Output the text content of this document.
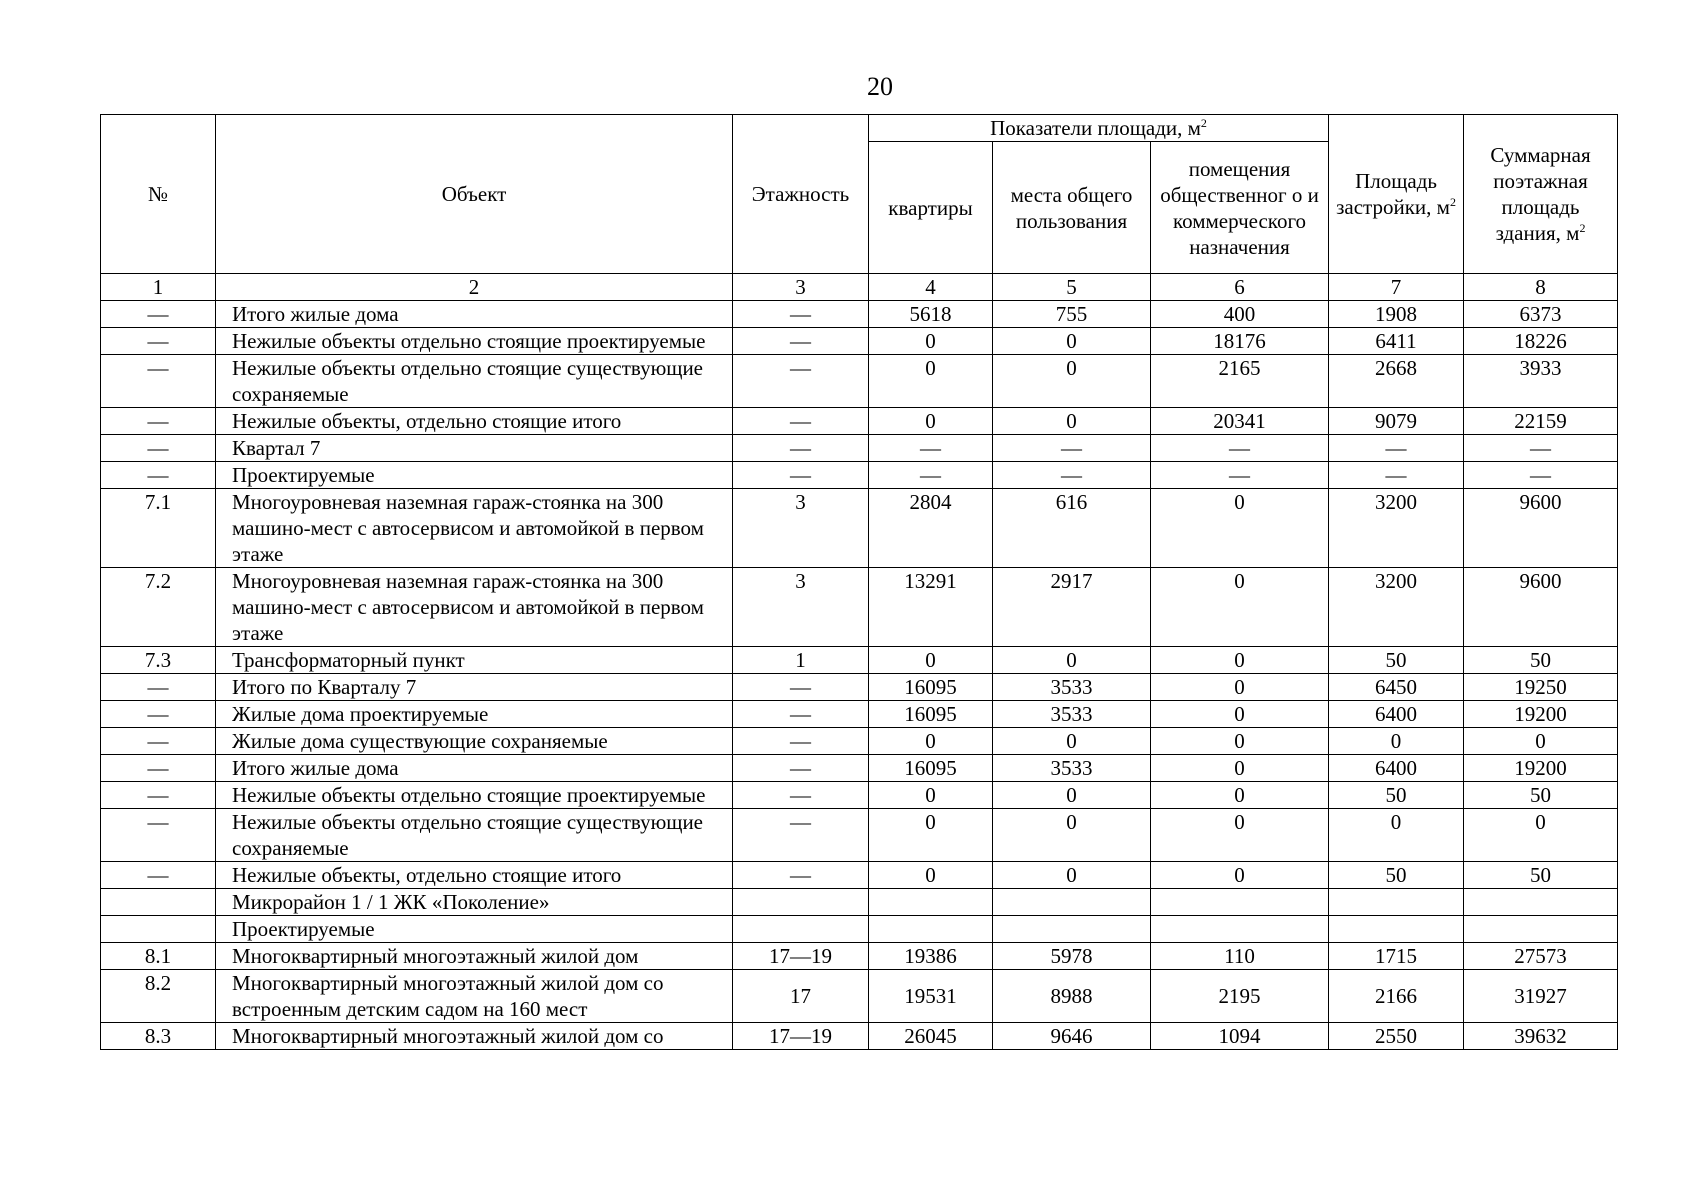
20
№	Объект	Этажность	Показатели площади, $м^2$			Площадь застройки, $м^2$	Суммарная поэтажная площадь здания, $м^2$
			квартиры	места общего пользования	помещения общественног о и коммерческого назначения		
1	2	3	4	5	6	7	8
—	Итого жилые дома	—	5618	755	400	1908	6373
—	Нежилые объекты отдельно стоящие проектируемые	—	0	0	18176	6411	18226
—	Нежилые объекты отдельно стоящие существующие сохраняемые	—	0	0	2165	2668	3933
—	Нежилые объекты, отдельно стоящие итого	—	0	0	20341	9079	22159
—	Квартал 7	—	—	—	—	—	—
—	Проектируемые	—	—	—	—	—	—
7.1	Многоуровневая наземная гараж-стоянка на 300 машино-мест с автосервисом и автомойкой в первом этаже	3	2804	616	0	3200	9600
7.2	Многоуровневая наземная гараж-стоянка на 300 машино-мест с автосервисом и автомойкой в первом этаже	3	13291	2917	0	3200	9600
7.3	Трансформаторный пункт	1	0	0	0	50	50
—	Итого по Кварталу 7	—	16095	3533	0	6450	19250
—	Жилые дома проектируемые	—	16095	3533	0	6400	19200
—	Жилые дома существующие сохраняемые	—	0	0	0	0	0
—	Итого жилые дома	—	16095	3533	0	6400	19200
—	Нежилые объекты отдельно стоящие проектируемые	—	0	0	0	50	50
—	Нежилые объекты отдельно стоящие существующие сохраняемые	—	0	0	0	0	0
—	Нежилые объекты, отдельно стоящие итого	—	0	0	0	50	50
	Микрорайон 1 / 1 ЖК «Поколение»						
	Проектируемые						
8.1	Многоквартирный многоэтажный жилой дом	17—19	19386	5978	110	1715	27573
8.2	Многоквартирный многоэтажный жилой дом со встроенным детским садом на 160 мест	17	19531	8988	2195	2166	31927
8.3	Многоквартирный многоэтажный жилой дом со	17—19	26045	9646	1094	2550	39632
